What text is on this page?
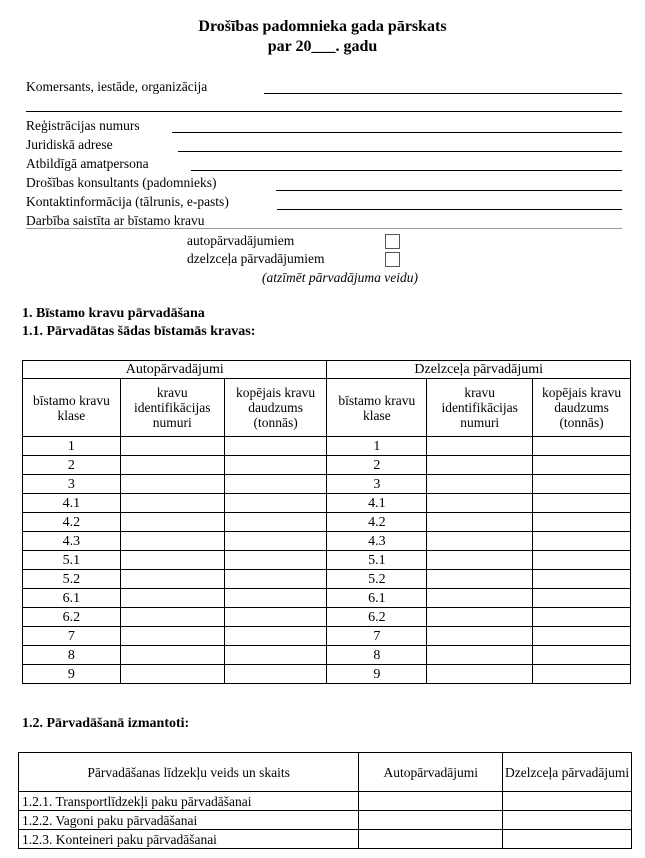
Drošības padomnieka gada pārskats
par 20___. gadu
Komersants, iestāde, organizācija
Reģistrācijas numurs
Juridiskā adrese
Atbildīgā amatpersona
Drošības konsultants (padomnieks)
Kontaktinformācija (tālrunis, e-pasts)
Darbība saistīta ar bīstamo kravu
autopārvadājumiem
dzelzceļa pārvadājumiem
(atzīmēt pārvadājuma veidu)
1. Bīstamo kravu pārvadāšana
1.1. Pārvadātas šādas bīstamās kravas:
Autopārvadājumi			Dzelzceļa pārvadājumi		
bīstamo kravu klase	kravu identifikācijas numuri	kopējais kravu daudzums (tonnās)	bīstamo kravu klase	kravu identifikācijas numuri	kopējais kravu daudzums (tonnās)
1			1		
2			2		
3			3		
4.1			4.1		
4.2			4.2		
4.3			4.3		
5.1			5.1		
5.2			5.2		
6.1			6.1		
6.2			6.2		
7			7		
8			8		
9			9		
1.2. Pārvadāšanā izmantoti:
Pārvadāšanas līdzekļu veids un skaits	Autopārvadājumi	Dzelzceļa pārvadājumi
1.2.1. Transportlīdzekļi paku pārvadāšanai		
1.2.2. Vagoni paku pārvadāšanai		
1.2.3. Konteineri paku pārvadāšanai		
